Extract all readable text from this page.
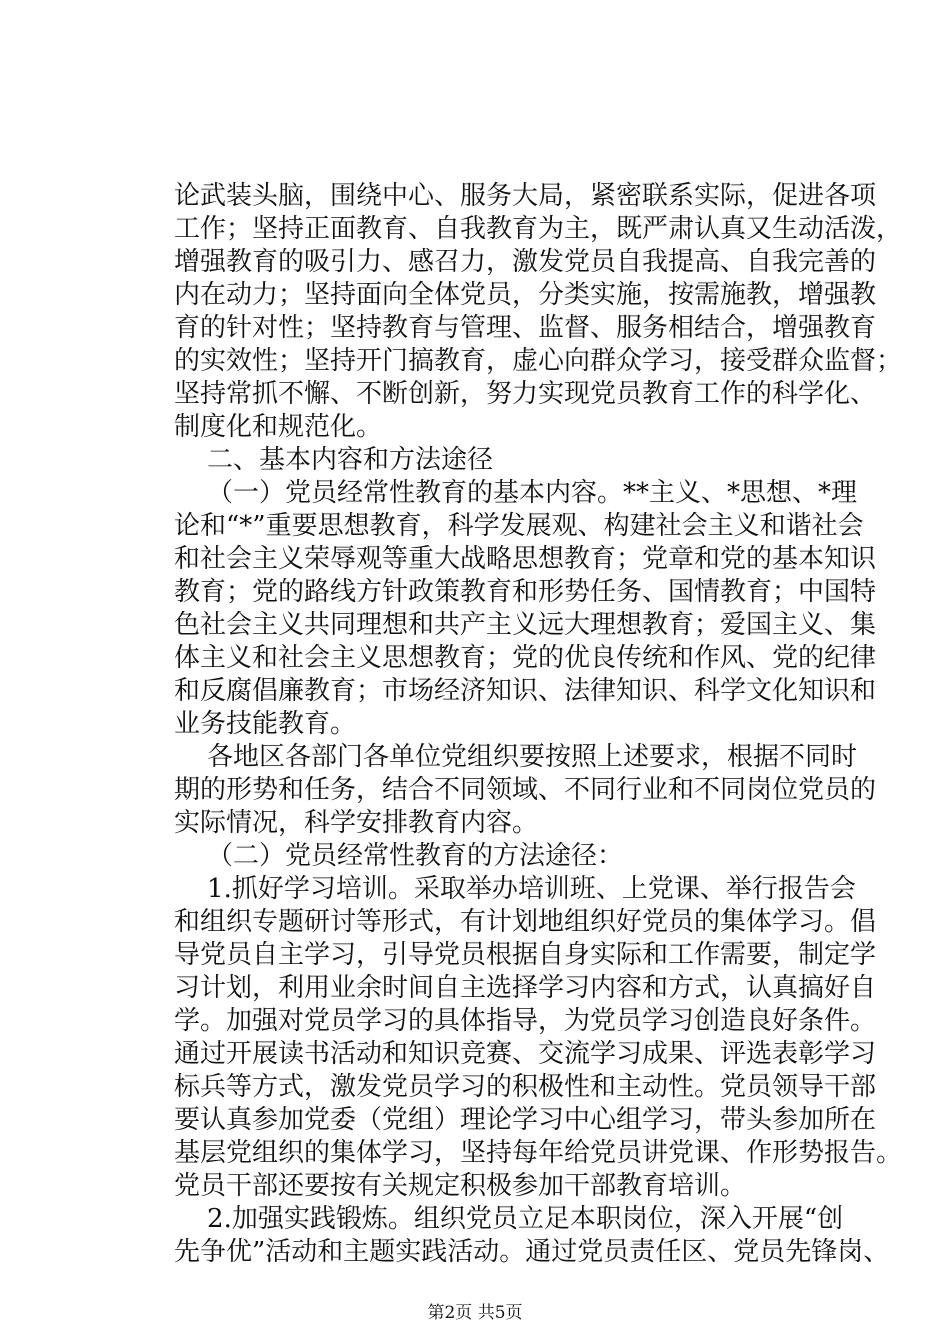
论武装头脑，围绕中心、服务大局，紧密联系实际，促进各项
工作；坚持正面教育、自我教育为主，既严肃认真又生动活泼，
增强教育的吸引力、感召力，激发党员自我提高、自我完善的
内在动力；坚持面向全体党员，分类实施，按需施教，增强教
育的针对性；坚持教育与管理、监督、服务相结合，增强教育
的实效性；坚持开门搞教育，虚心向群众学习，接受群众监督；
坚持常抓不懈、不断创新，努力实现党员教育工作的科学化、
制度化和规范化。
二、基本内容和方法途径
（一）党员经常性教育的基本内容。**主义、*思想、*理
论和“*”重要思想教育，科学发展观、构建社会主义和谐社会
和社会主义荣辱观等重大战略思想教育；党章和党的基本知识
教育；党的路线方针政策教育和形势任务、国情教育；中国特
色社会主义共同理想和共产主义远大理想教育；爱国主义、集
体主义和社会主义思想教育；党的优良传统和作风、党的纪律
和反腐倡廉教育；市场经济知识、法律知识、科学文化知识和
业务技能教育。
各地区各部门各单位党组织要按照上述要求，根据不同时
期的形势和任务，结合不同领域、不同行业和不同岗位党员的
实际情况，科学安排教育内容。
（二）党员经常性教育的方法途径：
1.抓好学习培训。采取举办培训班、上党课、举行报告会
和组织专题研讨等形式，有计划地组织好党员的集体学习。倡
导党员自主学习，引导党员根据自身实际和工作需要，制定学
习计划，利用业余时间自主选择学习内容和方式，认真搞好自
学。加强对党员学习的具体指导，为党员学习创造良好条件。
通过开展读书活动和知识竞赛、交流学习成果、评选表彰学习
标兵等方式，激发党员学习的积极性和主动性。党员领导干部
要认真参加党委（党组）理论学习中心组学习，带头参加所在
基层党组织的集体学习，坚持每年给党员讲党课、作形势报告。
党员干部还要按有关规定积极参加干部教育培训。
2.加强实践锻炼。组织党员立足本职岗位，深入开展“创
先争优”活动和主题实践活动。通过党员责任区、党员先锋岗、
第2页 共5页
